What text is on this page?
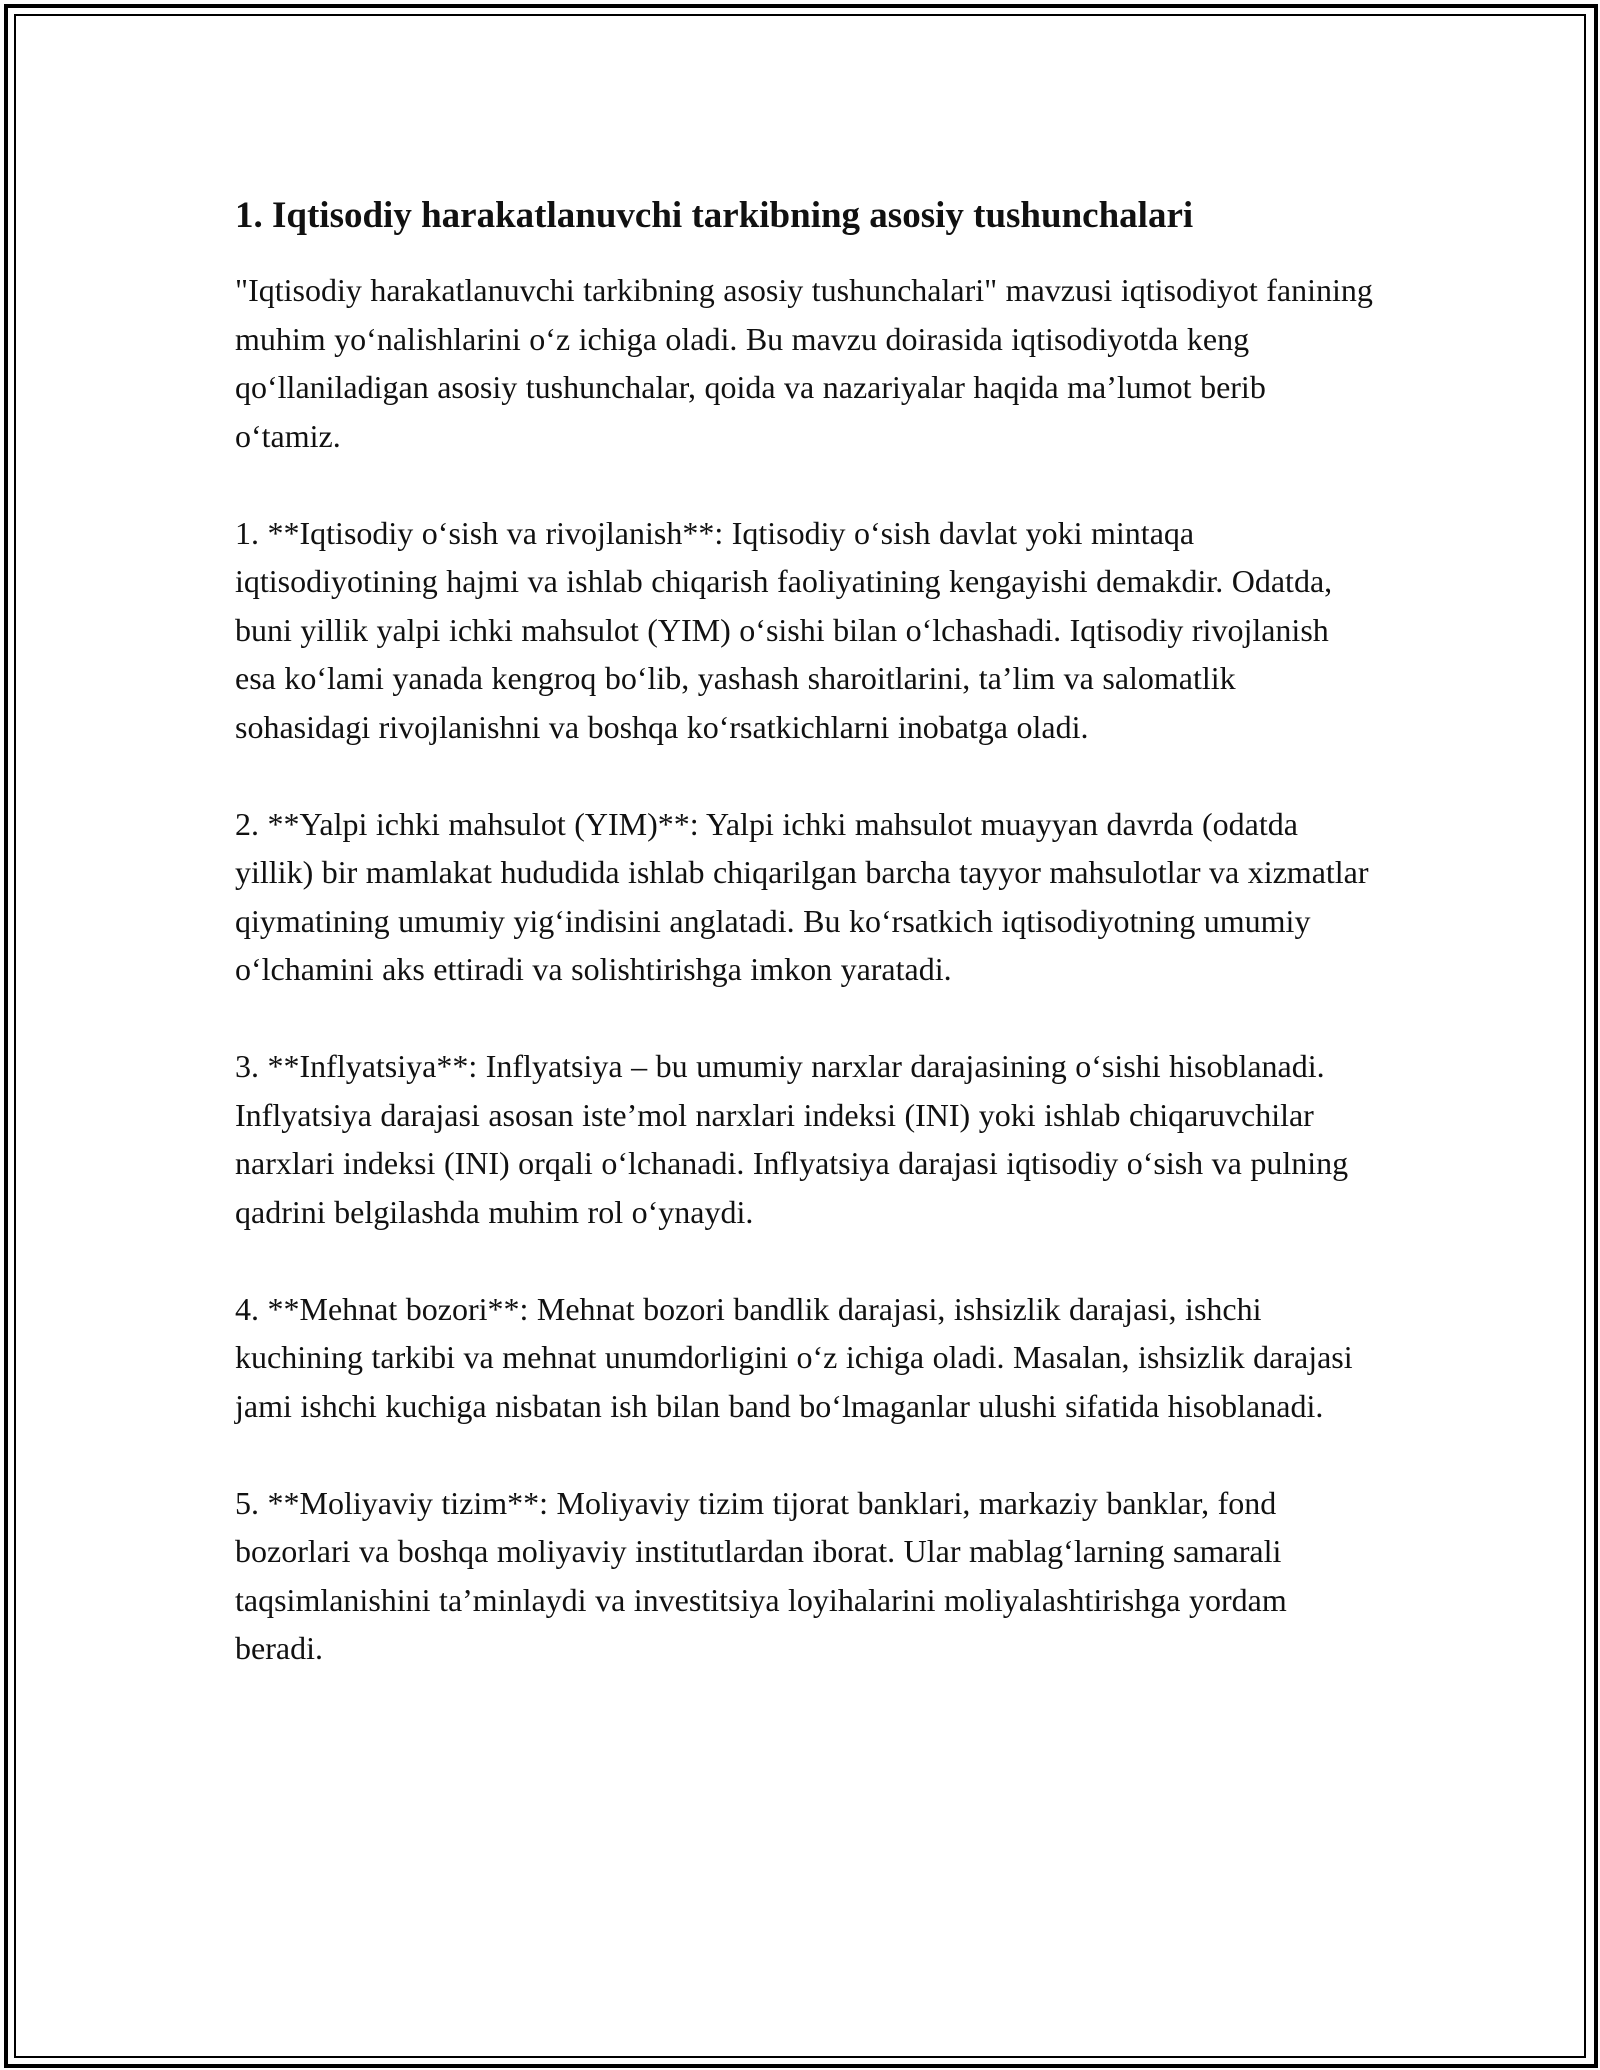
1. Iqtisodiy harakatlanuvchi tarkibning asosiy tushunchalari

"Iqtisodiy harakatlanuvchi tarkibning asosiy tushunchalari" mavzusi iqtisodiyot fanining muhim yo‘nalishlarini o‘z ichiga oladi. Bu mavzu doirasida iqtisodiyotda keng qo‘llaniladigan asosiy tushunchalar, qoida va nazariyalar haqida ma’lumot berib o‘tamiz.

1. **Iqtisodiy o‘sish va rivojlanish**: Iqtisodiy o‘sish davlat yoki mintaqa iqtisodiyotining hajmi va ishlab chiqarish faoliyatining kengayishi demakdir. Odatda, buni yillik yalpi ichki mahsulot (YIM) o‘sishi bilan o‘lchashadi. Iqtisodiy rivojlanish esa ko‘lami yanada kengroq bo‘lib, yashash sharoitlarini, ta’lim va salomatlik sohasidagi rivojlanishni va boshqa ko‘rsatkichlarni inobatga oladi.

2. **Yalpi ichki mahsulot (YIM)**: Yalpi ichki mahsulot muayyan davrda (odatda yillik) bir mamlakat hududida ishlab chiqarilgan barcha tayyor mahsulotlar va xizmatlar qiymatining umumiy yig‘indisini anglatadi. Bu ko‘rsatkich iqtisodiyotning umumiy o‘lchamini aks ettiradi va solishtirishga imkon yaratadi.

3. **Inflyatsiya**: Inflyatsiya – bu umumiy narxlar darajasining o‘sishi hisoblanadi. Inflyatsiya darajasi asosan iste’mol narxlari indeksi (INI) yoki ishlab chiqaruvchilar narxlari indeksi (INI) orqali o‘lchanadi. Inflyatsiya darajasi iqtisodiy o‘sish va pulning qadrini belgilashda muhim rol o‘ynaydi.

4. **Mehnat bozori**: Mehnat bozori bandlik darajasi, ishsizlik darajasi, ishchi kuchining tarkibi va mehnat unumdorligini o‘z ichiga oladi. Masalan, ishsizlik darajasi jami ishchi kuchiga nisbatan ish bilan band bo‘lmaganlar ulushi sifatida hisoblanadi.

5. **Moliyaviy tizim**: Moliyaviy tizim tijorat banklari, markaziy banklar, fond bozorlari va boshqa moliyaviy institutlardan iborat. Ular mablag‘larning samarali taqsimlanishini ta’minlaydi va investitsiya loyihalarini moliyalashtirishga yordam beradi.
